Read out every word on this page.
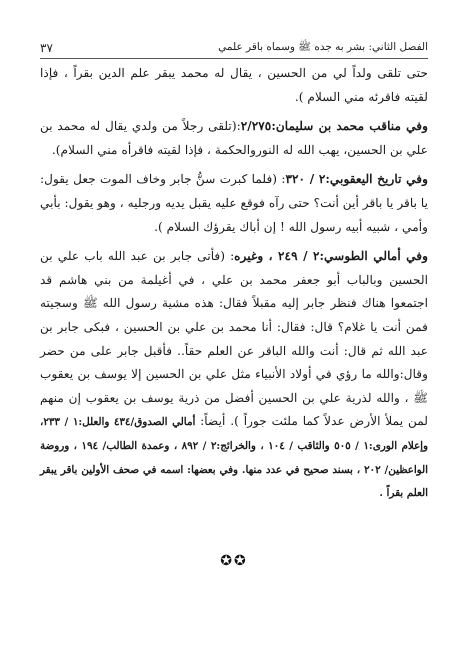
الفصل الثاني: بشر به جده ﷺ وسماه باقر علمي
٣٧

حتى تلقى ولداً لي من الحسين ، يقال له محمد يبقر علم الدين بقراً ، فإذا لقيته فاقرئه مني السلام ).

وفي مناقب محمد بن سليمان:٢/٢٧٥:(تلقى رجلاً من ولدي يقال له محمد بن علي بن الحسين، يهب الله له النوروالحكمة ، فإذا لقيته فاقرأه مني السلام).

وفي تاريخ اليعقوبي:٢ / ٣٢٠: (فلما كبرت سنُّ جابر وخاف الموت جعل يقول: يا باقر يا باقر أين أنت؟ حتى رآه فوقع عليه يقبل يديه ورجليه ، وهو يقول: بأبي وأمي ، شبيه أبيه رسول الله ! إن أباك يقرؤك السلام ).

وفي أمالي الطوسي:٢ / ٢٤٩ ، وغيره: (فأتى جابر بن عبد الله باب علي بن الحسين وبالباب أبو جعفر محمد بن علي ، في أغيلمة من بني هاشم قد اجتمعوا هناك فنظر جابر إليه مقبلاً فقال: هذه مشية رسول الله ﷺ وسجيته فمن أنت يا غلام؟ قال: فقال: أنا محمد بن علي بن الحسين ، فبكى جابر بن عبد الله ثم قال: أنت والله الباقر عن العلم حقاً.. فأقبل جابر على من حضر وقال:والله ما رؤي في أولاد الأنبياء مثل علي بن الحسين إلا يوسف بن يعقوب ﷺ ، والله لذرية علي بن الحسين أفضل من ذرية يوسف بن يعقوب إن منهم لمن يملأ الأرض عدلاً كما ملئت جوراً ). أيضاً: أمالي الصدوق/٤٣٤ والعلل:١ / ٢٣٣، وإعلام الورى:١ / ٥٠٥ والثاقب / ١٠٤ ، والخرائج:٢ / ٨٩٢ ، وعمدة الطالب/ ١٩٤ ، وروضة الواعظين/ ٢٠٢ ، بسند صحيح في عدد منها. وفي بعضها: اسمه في صحف الأولين باقر يبقر العلم بقراً .

✪✪
